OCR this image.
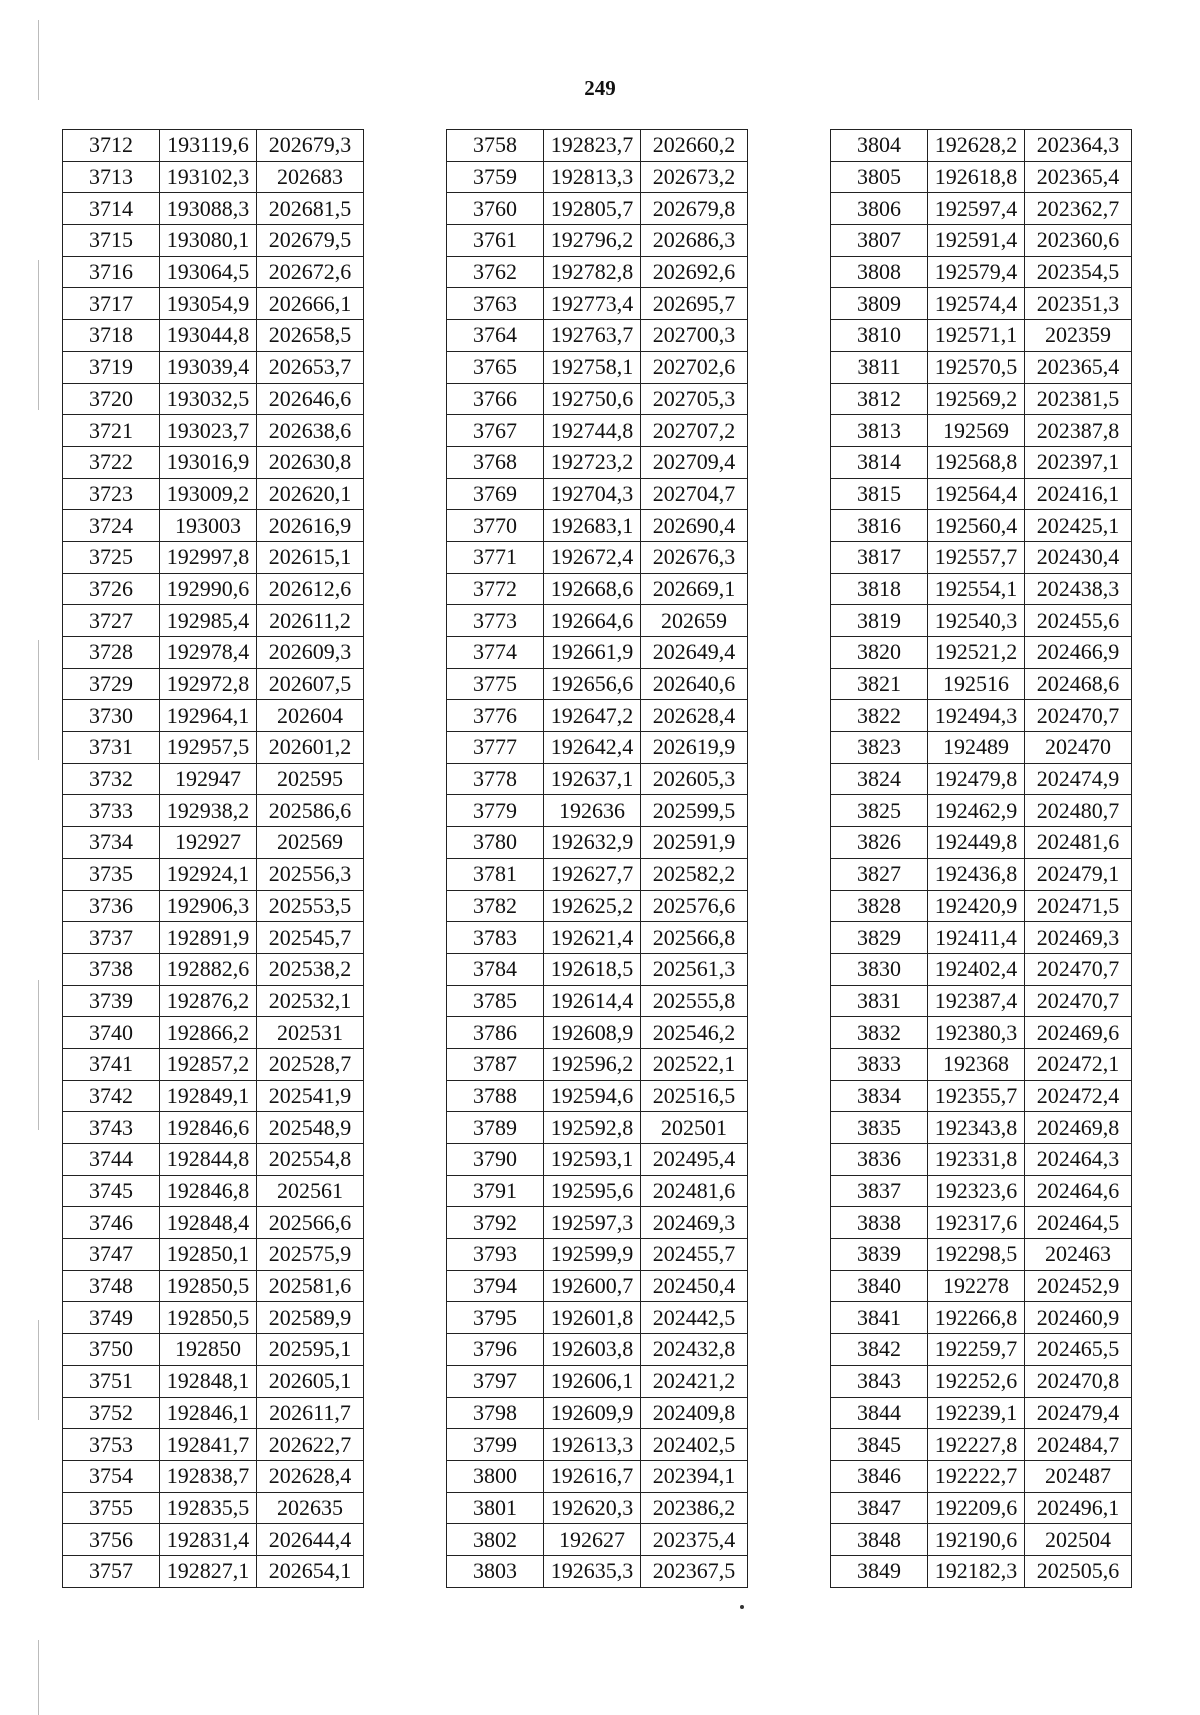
249
3712	193119,6	202679,3
3713	193102,3	202683
3714	193088,3	202681,5
3715	193080,1	202679,5
3716	193064,5	202672,6
3717	193054,9	202666,1
3718	193044,8	202658,5
3719	193039,4	202653,7
3720	193032,5	202646,6
3721	193023,7	202638,6
3722	193016,9	202630,8
3723	193009,2	202620,1
3724	193003	202616,9
3725	192997,8	202615,1
3726	192990,6	202612,6
3727	192985,4	202611,2
3728	192978,4	202609,3
3729	192972,8	202607,5
3730	192964,1	202604
3731	192957,5	202601,2
3732	192947	202595
3733	192938,2	202586,6
3734	192927	202569
3735	192924,1	202556,3
3736	192906,3	202553,5
3737	192891,9	202545,7
3738	192882,6	202538,2
3739	192876,2	202532,1
3740	192866,2	202531
3741	192857,2	202528,7
3742	192849,1	202541,9
3743	192846,6	202548,9
3744	192844,8	202554,8
3745	192846,8	202561
3746	192848,4	202566,6
3747	192850,1	202575,9
3748	192850,5	202581,6
3749	192850,5	202589,9
3750	192850	202595,1
3751	192848,1	202605,1
3752	192846,1	202611,7
3753	192841,7	202622,7
3754	192838,7	202628,4
3755	192835,5	202635
3756	192831,4	202644,4
3757	192827,1	202654,1
3758	192823,7	202660,2
3759	192813,3	202673,2
3760	192805,7	202679,8
3761	192796,2	202686,3
3762	192782,8	202692,6
3763	192773,4	202695,7
3764	192763,7	202700,3
3765	192758,1	202702,6
3766	192750,6	202705,3
3767	192744,8	202707,2
3768	192723,2	202709,4
3769	192704,3	202704,7
3770	192683,1	202690,4
3771	192672,4	202676,3
3772	192668,6	202669,1
3773	192664,6	202659
3774	192661,9	202649,4
3775	192656,6	202640,6
3776	192647,2	202628,4
3777	192642,4	202619,9
3778	192637,1	202605,3
3779	192636	202599,5
3780	192632,9	202591,9
3781	192627,7	202582,2
3782	192625,2	202576,6
3783	192621,4	202566,8
3784	192618,5	202561,3
3785	192614,4	202555,8
3786	192608,9	202546,2
3787	192596,2	202522,1
3788	192594,6	202516,5
3789	192592,8	202501
3790	192593,1	202495,4
3791	192595,6	202481,6
3792	192597,3	202469,3
3793	192599,9	202455,7
3794	192600,7	202450,4
3795	192601,8	202442,5
3796	192603,8	202432,8
3797	192606,1	202421,2
3798	192609,9	202409,8
3799	192613,3	202402,5
3800	192616,7	202394,1
3801	192620,3	202386,2
3802	192627	202375,4
3803	192635,3	202367,5
3804	192628,2	202364,3
3805	192618,8	202365,4
3806	192597,4	202362,7
3807	192591,4	202360,6
3808	192579,4	202354,5
3809	192574,4	202351,3
3810	192571,1	202359
3811	192570,5	202365,4
3812	192569,2	202381,5
3813	192569	202387,8
3814	192568,8	202397,1
3815	192564,4	202416,1
3816	192560,4	202425,1
3817	192557,7	202430,4
3818	192554,1	202438,3
3819	192540,3	202455,6
3820	192521,2	202466,9
3821	192516	202468,6
3822	192494,3	202470,7
3823	192489	202470
3824	192479,8	202474,9
3825	192462,9	202480,7
3826	192449,8	202481,6
3827	192436,8	202479,1
3828	192420,9	202471,5
3829	192411,4	202469,3
3830	192402,4	202470,7
3831	192387,4	202470,7
3832	192380,3	202469,6
3833	192368	202472,1
3834	192355,7	202472,4
3835	192343,8	202469,8
3836	192331,8	202464,3
3837	192323,6	202464,6
3838	192317,6	202464,5
3839	192298,5	202463
3840	192278	202452,9
3841	192266,8	202460,9
3842	192259,7	202465,5
3843	192252,6	202470,8
3844	192239,1	202479,4
3845	192227,8	202484,7
3846	192222,7	202487
3847	192209,6	202496,1
3848	192190,6	202504
3849	192182,3	202505,6
